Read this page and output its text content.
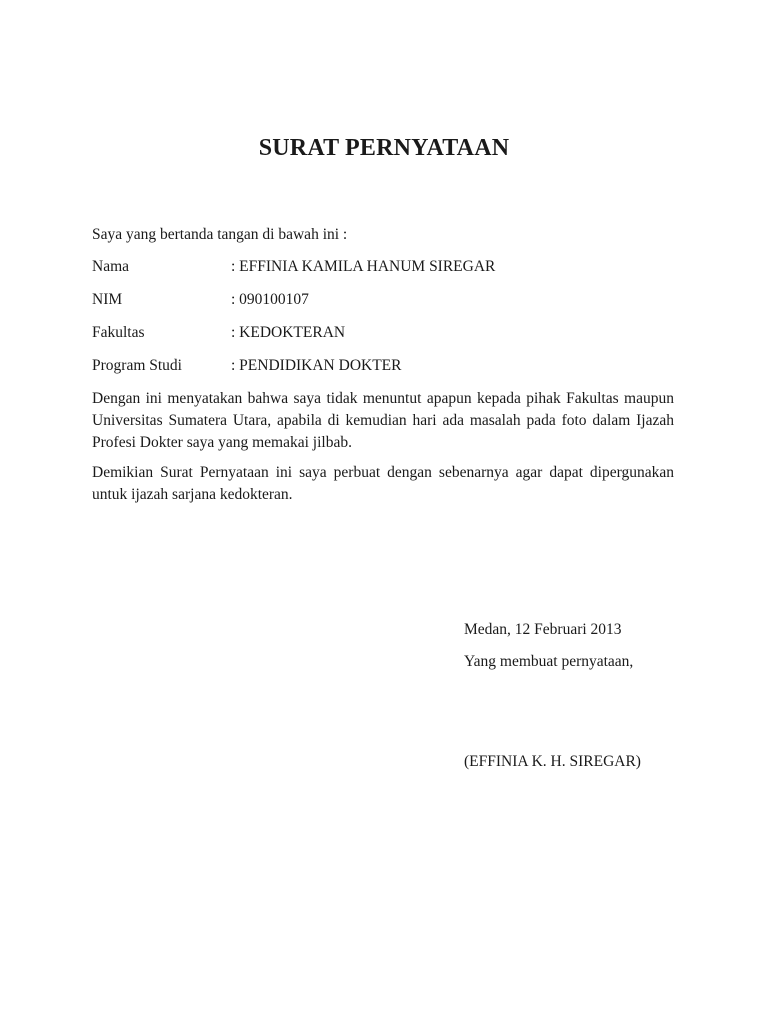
SURAT PERNYATAAN
Saya yang bertanda tangan di bawah ini :
Nama	: EFFINIA KAMILA HANUM SIREGAR
NIM	: 090100107
Fakultas	: KEDOKTERAN
Program Studi	: PENDIDIKAN DOKTER
Dengan ini menyatakan bahwa saya tidak menuntut apapun kepada pihak Fakultas maupun Universitas Sumatera Utara, apabila di kemudian hari ada masalah pada foto dalam Ijazah Profesi Dokter saya yang memakai jilbab.
Demikian Surat Pernyataan ini saya perbuat dengan sebenarnya agar dapat dipergunakan untuk ijazah sarjana kedokteran.
Medan, 12 Februari 2013
Yang membuat pernyataan,
(EFFINIA K. H. SIREGAR)
